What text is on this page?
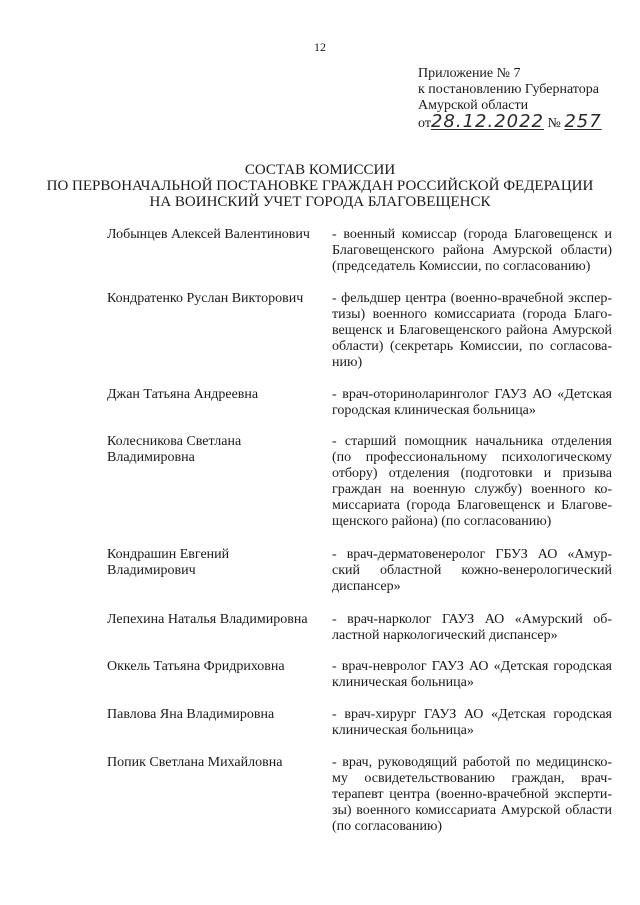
12
Приложение № 7
к постановлению Губернатора
Амурской области
от28.12.2022 № 257
СОСТАВ КОМИССИИ
ПО ПЕРВОНАЧАЛЬНОЙ ПОСТАНОВКЕ ГРАЖДАН РОССИЙСКОЙ ФЕДЕРАЦИИ
НА ВОИНСКИЙ УЧЕТ ГОРОДА БЛАГОВЕЩЕНСК
Лобынцев Алексей Валентинович	- военный комиссар (города Благовещенск и
Благовещенского района Амурской области)
(председатель Комиссии, по согласованию)
Кондратенко Руслан Викторович	- фельдшер центра (военно-врачебной экспер-
тизы) военного комиссариата (города Благо-
вещенск и Благовещенского района Амурской
области) (секретарь Комиссии, по согласова-
нию)
Джан Татьяна Андреевна	- врач-оториноларинголог ГАУЗ АО «Детская
городская клиническая больница»
Колесникова Светлана
Владимировна
- старший помощник начальника отделения
(по профессиональному психологическому
отбору) отделения (подготовки и призыва
граждан на военную службу) военного ко-
миссариата (города Благовещенск и Благове-
щенского района) (по согласованию)
Кондрашин Евгений
Владимирович
- врач-дерматовенеролог ГБУЗ АО «Амур-
ский областной кожно-венерологический
диспансер»
Лепехина Наталья Владимировна	- врач-нарколог ГАУЗ АО «Амурский об-
ластной наркологический диспансер»
Оккель Татьяна Фридриховна	- врач-невролог ГАУЗ АО «Детская городская
клиническая больница»
Павлова Яна Владимировна	- врач-хирург ГАУЗ АО «Детская городская
клиническая больница»
Попик Светлана Михайловна	- врач, руководящий работой по медицинско-
му освидетельствованию граждан, врач-
терапевт центра (военно-врачебной эксперти-
зы) военного комиссариата Амурской области
(по согласованию)
